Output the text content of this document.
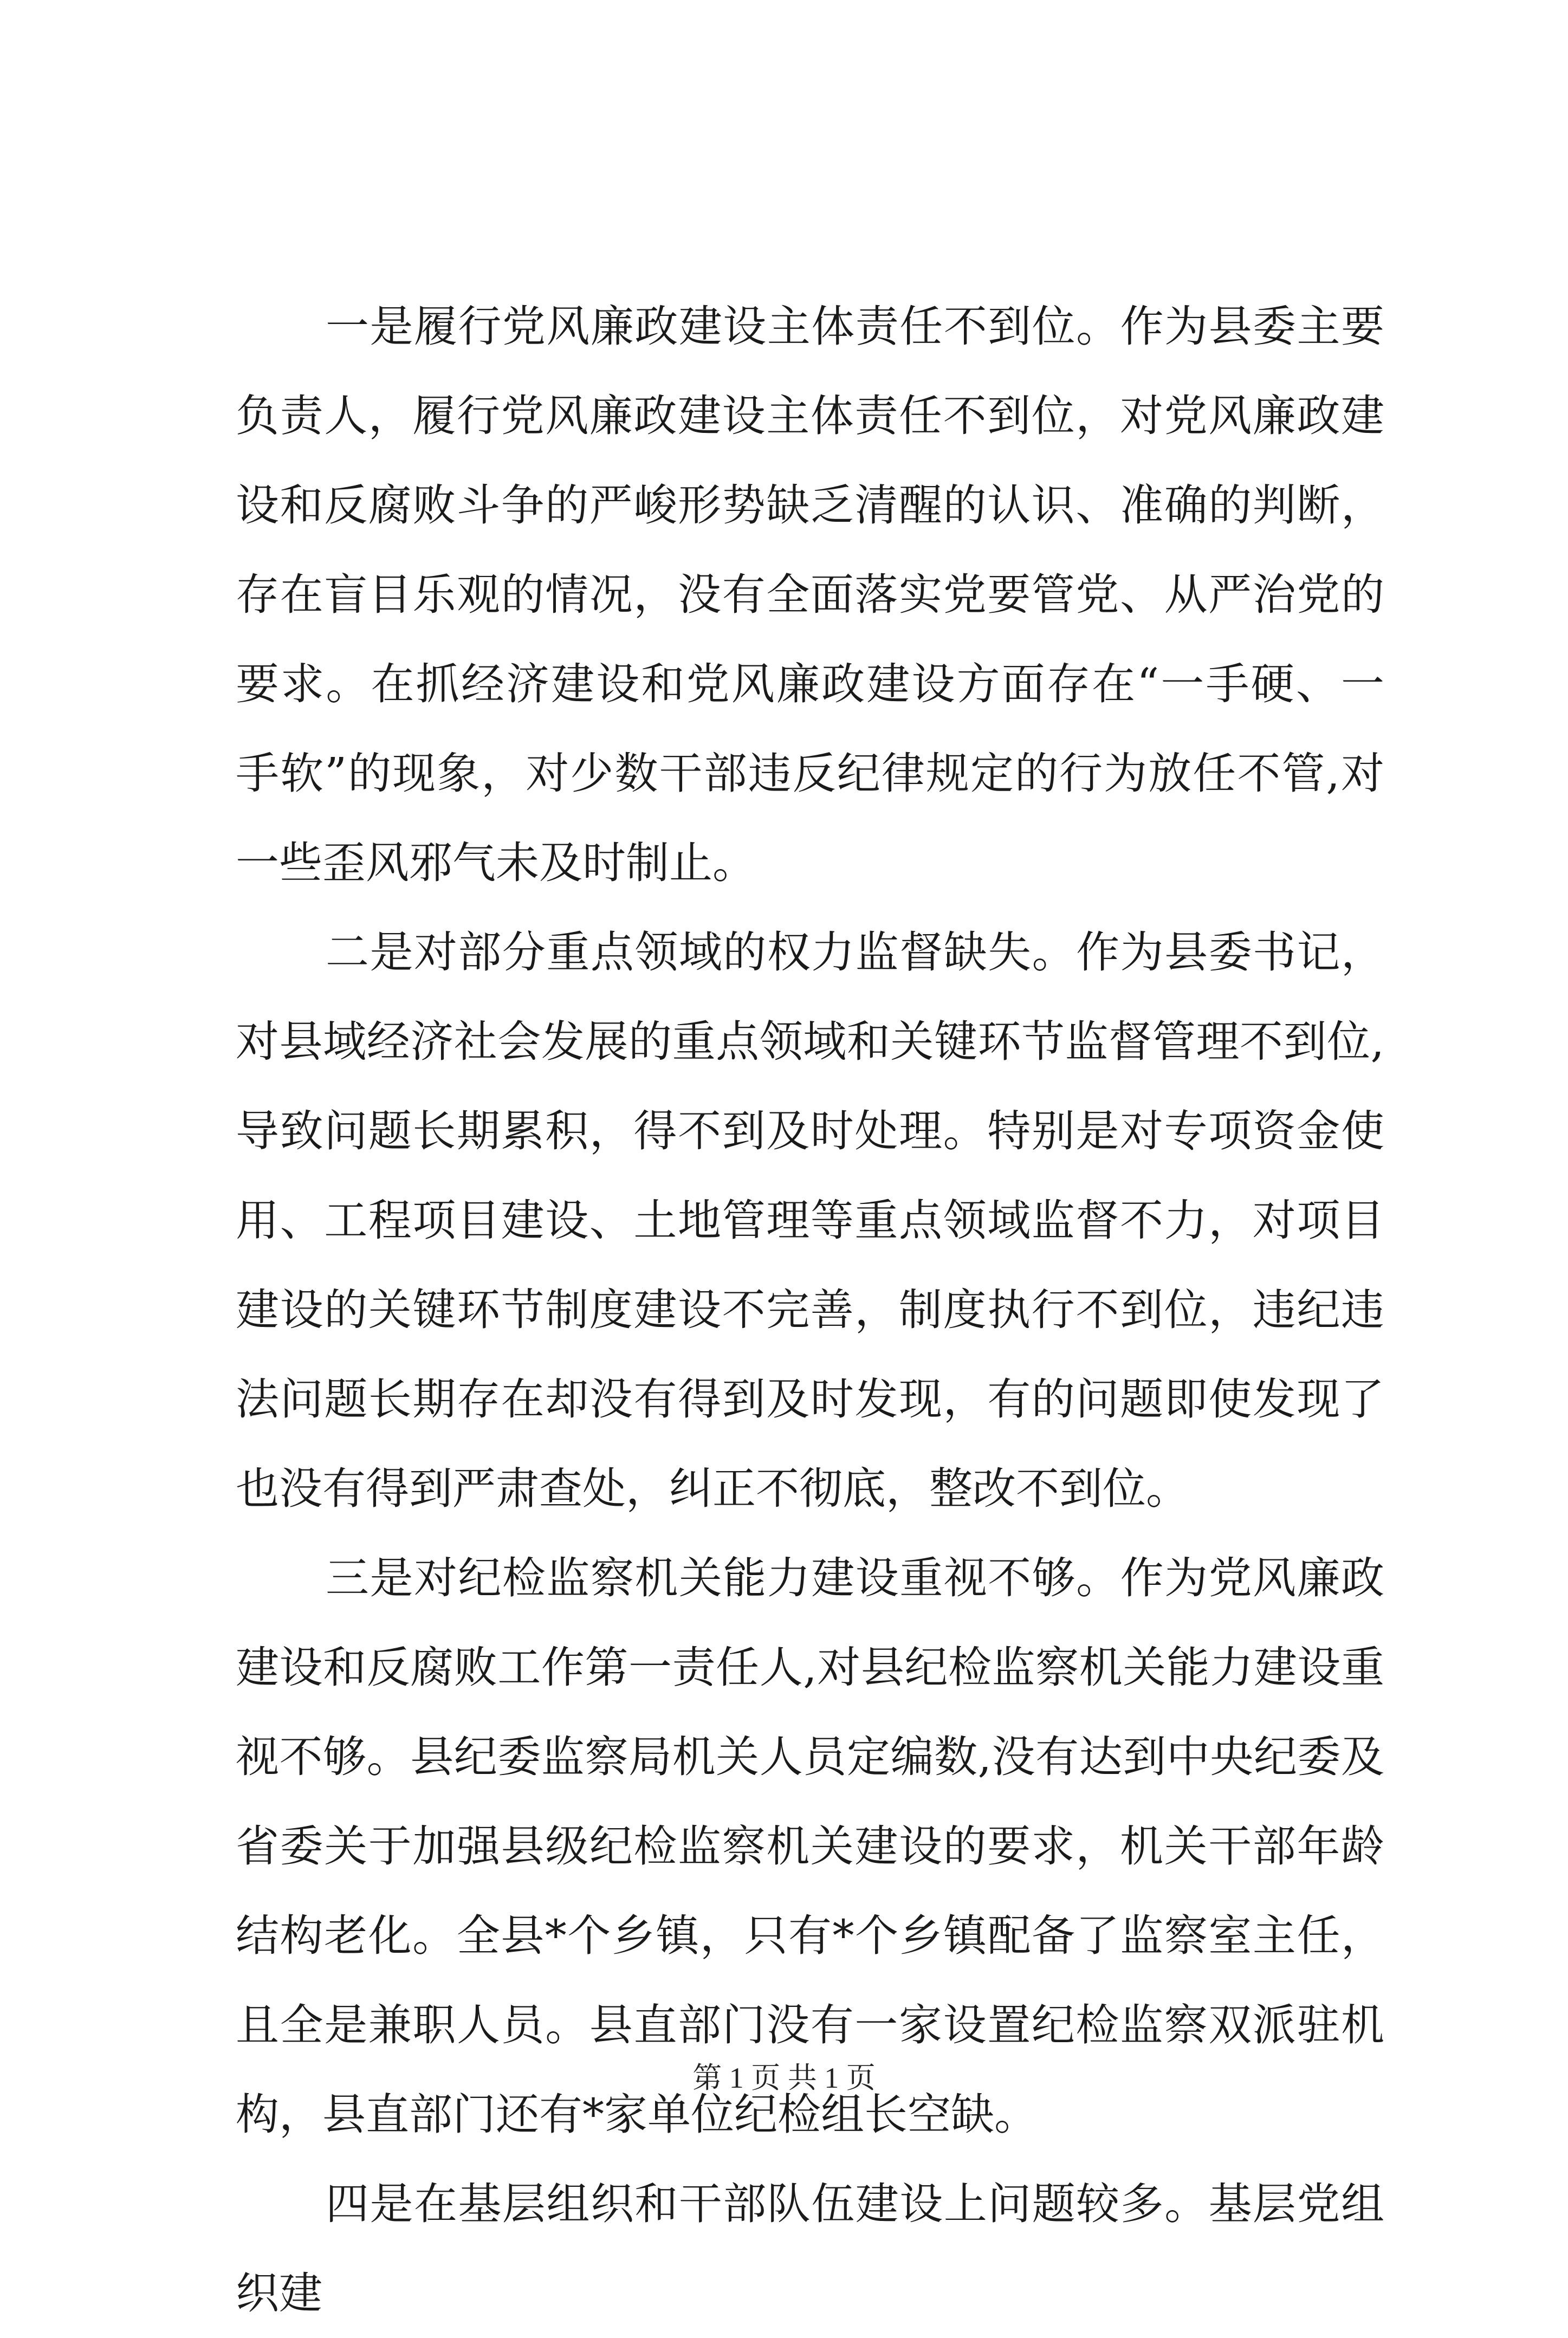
一是履行党风廉政建设主体责任不到位。作为县委主要负责人，履行党风廉政建设主体责任不到位，对党风廉政建设和反腐败斗争的严峻形势缺乏清醒的认识、准确的判断，存在盲目乐观的情况，没有全面落实党要管党、从严治党的要求。在抓经济建设和党风廉政建设方面存在“一手硬、一手软”的现象，对少数干部违反纪律规定的行为放任不管,对一些歪风邪气未及时制止。

二是对部分重点领域的权力监督缺失。作为县委书记，对县域经济社会发展的重点领域和关键环节监督管理不到位,导致问题长期累积，得不到及时处理。特别是对专项资金使用、工程项目建设、土地管理等重点领域监督不力，对项目建设的关键环节制度建设不完善，制度执行不到位，违纪违法问题长期存在却没有得到及时发现，有的问题即使发现了也没有得到严肃查处，纠正不彻底，整改不到位。

三是对纪检监察机关能力建设重视不够。作为党风廉政建设和反腐败工作第一责任人,对县纪检监察机关能力建设重视不够。县纪委监察局机关人员定编数,没有达到中央纪委及省委关于加强县级纪检监察机关建设的要求，机关干部年龄结构老化。全县*个乡镇，只有*个乡镇配备了监察室主任，且全是兼职人员。县直部门没有一家设置纪检监察双派驻机构，县直部门还有*家单位纪检组长空缺。

四是在基层组织和干部队伍建设上问题较多。基层党组织建

第 1 页 共 1 页
